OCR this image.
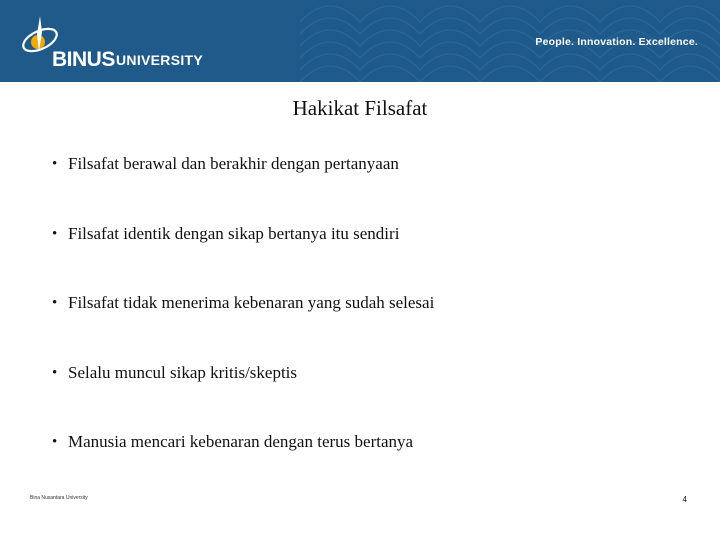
BINUS UNIVERSITY
People. Innovation. Excellence.
Hakikat Filsafat
• Filsafat berawal dan berakhir dengan pertanyaan
• Filsafat identik dengan sikap bertanya itu sendiri
• Filsafat tidak menerima kebenaran yang sudah selesai
• Selalu muncul sikap kritis/skeptis
• Manusia mencari kebenaran dengan terus bertanya
Bina Nusantara University	4
